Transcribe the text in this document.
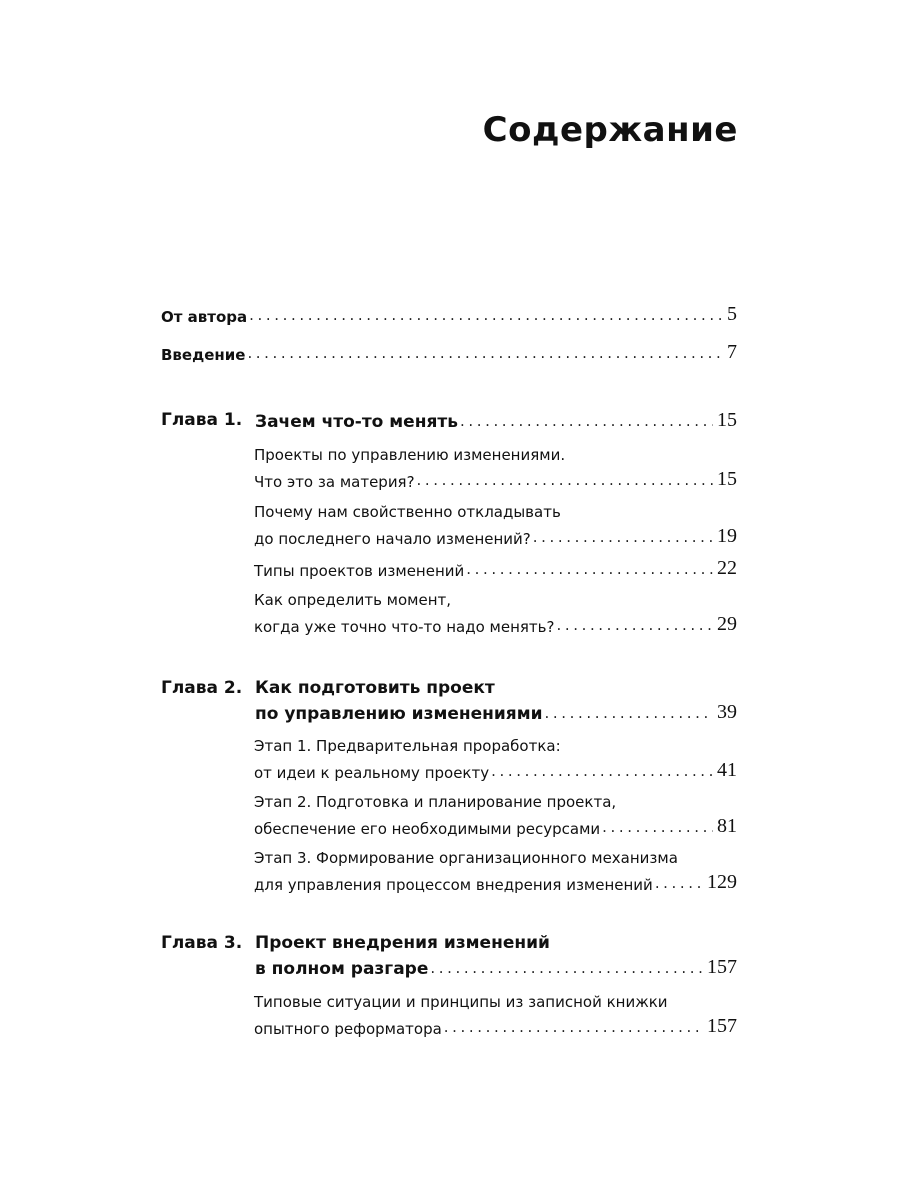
Содержание
От автора .....	5
Введение .....	7
Глава 1. Зачем что-то менять .....	15
Проекты по управлению изменениями.
Что это за материя? .....	15
Почему нам свойственно откладывать
до последнего начало изменений? .....	19
Типы проектов изменений .....	22
Как определить момент,
когда уже точно что-то надо менять? .....	29
Глава 2. Как подготовить проект
по управлению изменениями .....	39
Этап 1. Предварительная проработка:
от идеи к реальному проекту .....	41
Этап 2. Подготовка и планирование проекта,
обеспечение его необходимыми ресурсами .....	81
Этап 3. Формирование организационного механизма
для управления процессом внедрения изменений .....	129
Глава 3. Проект внедрения изменений
в полном разгаре .....	157
Типовые ситуации и принципы из записной книжки
опытного реформатора .....	157
